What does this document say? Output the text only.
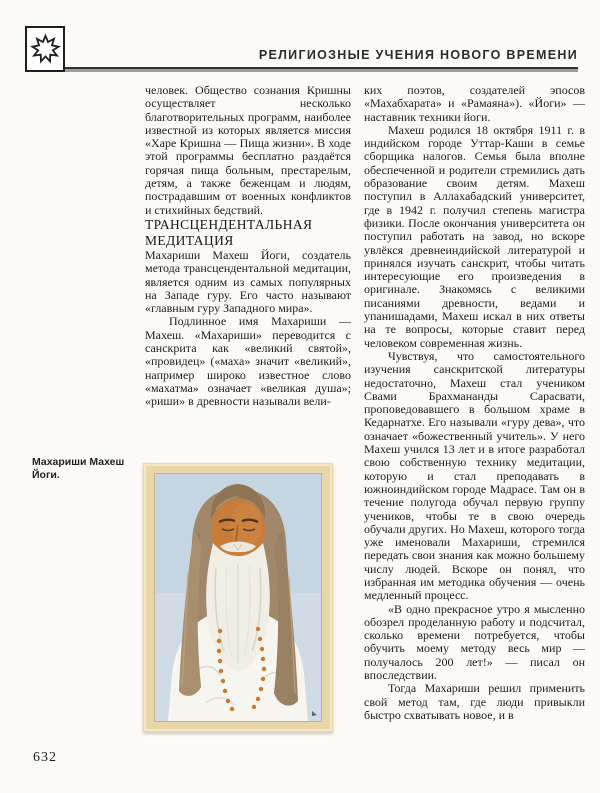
РЕЛИГИОЗНЫЕ УЧЕНИЯ НОВОГО ВРЕМЕНИ

человек. Общество сознания Кришны осуществляет несколько благотворительных программ, наиболее известной из которых является миссия «Харе Кришна — Пища жизни». В ходе этой программы бесплатно раздаётся горячая пища больным, престарелым, детям, а также беженцам и людям, пострадавшим от военных конфликтов и стихийных бедствий.

ТРАНСЦЕНДЕНТАЛЬНАЯ МЕДИТАЦИЯ

Махариши Махеш Йоги, создатель метода трансцендентальной медитации, является одним из самых популярных на Западе гуру. Его часто называют «главным гуру Западного мира».

Подлинное имя Махариши — Махеш. «Махариши» переводится с санскрита как «великий святой», «провидец» («маха» значит «великий», например широко известное слово «махатма» означает «великая душа»; «риши» в древности называли вели-

ких поэтов, создателей эпосов «Махабхарата» и «Рамаяна»). «Йоги» — наставник техники йоги.

Махеш родился 18 октября 1911 г. в индийском городе Уттар-Каши в семье сборщика налогов. Семья была вполне обеспеченной и родители стремились дать образование своим детям. Махеш поступил в Аллахабадский университет, где в 1942 г. получил степень магистра физики. После окончания университета он поступил работать на завод, но вскоре увлёкся древнеиндийской литературой и принялся изучать санскрит, чтобы читать интересующие его произведения в оригинале. Знакомясь с великими писаниями древности, ведами и упанишадами, Махеш искал в них ответы на те вопросы, которые ставит перед человеком современная жизнь.

Чувствуя, что самостоятельного изучения санскритской литературы недостаточно, Махеш стал учеником Свами Брахмананды Сарасвати, проповедовавшего в большом храме в Кедарнатхе. Его называли «гуру дева», что означает «божественный учитель». У него Махеш учился 13 лет и в итоге разработал свою собственную технику медитации, которую и стал преподавать в южноиндийском городе Мадрасе. Там он в течение полугода обучал первую группу учеников, чтобы те в свою очередь обучали других. Но Махеш, которого тогда уже именовали Махариши, стремился передать свои знания как можно большему числу людей. Вскоре он понял, что избранная им методика обучения — очень медленный процесс.

«В одно прекрасное утро я мысленно обозрел проделанную работу и подсчитал, сколько времени потребуется, чтобы обучить моему методу весь мир — получалось 200 лет!» — писал он впоследствии.

Тогда Махариши решил применить свой метод там, где люди привыкли быстро схватывать новое, и в

Махариши Махеш Йоги.
632
